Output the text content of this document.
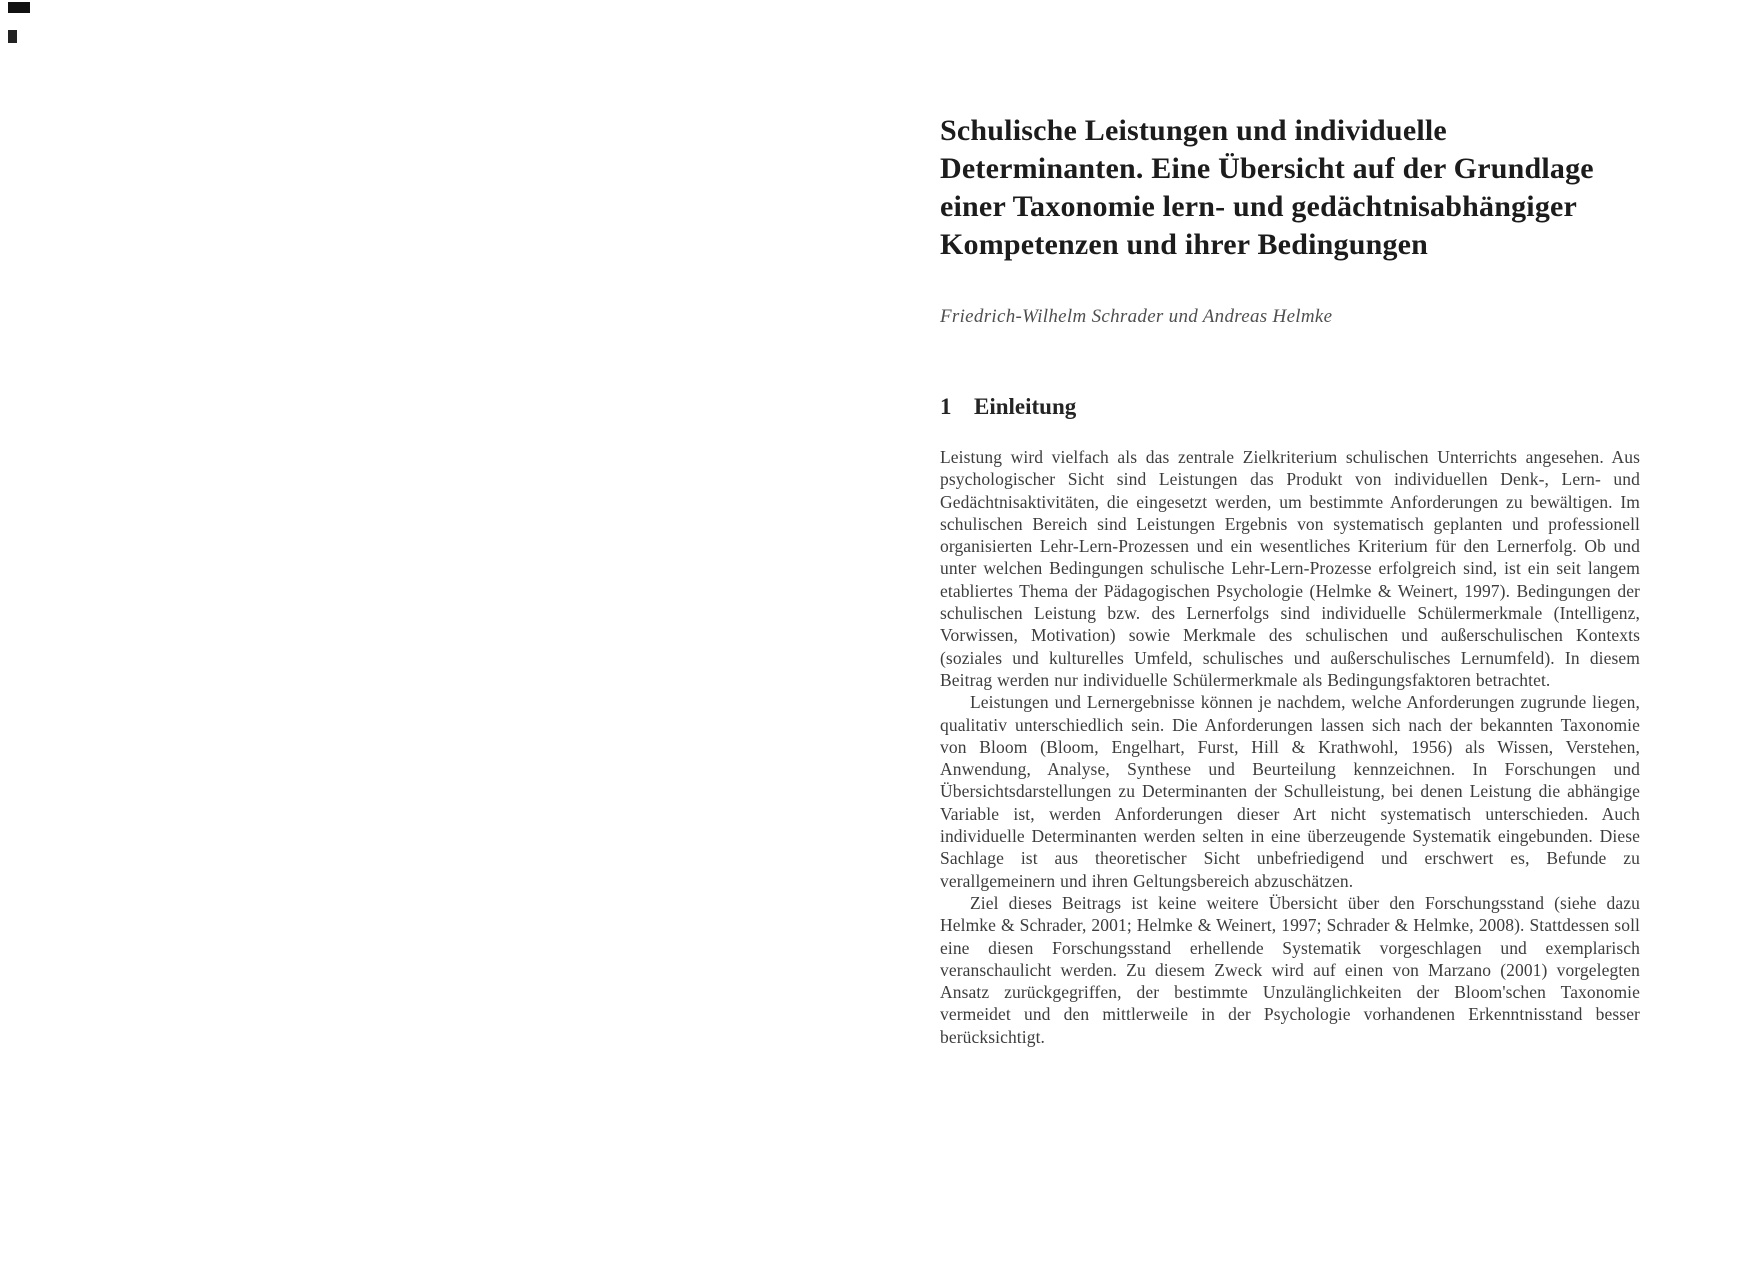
Schulische Leistungen und individuelle
Determinanten. Eine Übersicht auf der Grundlage
einer Taxonomie lern- und gedächtnisabhängiger
Kompetenzen und ihrer Bedingungen
Friedrich-Wilhelm Schrader und Andreas Helmke
1 Einleitung

Leistung wird vielfach als das zentrale Zielkriterium schulischen Unterrichts angesehen. Aus psychologischer Sicht sind Leistungen das Produkt von individuellen Denk-, Lern- und Gedächtnisaktivitäten, die eingesetzt werden, um bestimmte Anforderungen zu bewältigen. Im schulischen Bereich sind Leistungen Ergebnis von systematisch geplanten und professionell organisierten Lehr-Lern-Prozessen und ein wesentliches Kriterium für den Lernerfolg. Ob und unter welchen Bedingungen schulische Lehr-Lern-Prozesse erfolgreich sind, ist ein seit langem etabliertes Thema der Pädagogischen Psychologie (Helmke & Weinert, 1997). Bedingungen der schulischen Leistung bzw. des Lernerfolgs sind individuelle Schülermerkmale (Intelligenz, Vorwissen, Motivation) sowie Merkmale des schulischen und außerschulischen Kontexts (soziales und kulturelles Umfeld, schulisches und außerschulisches Lernumfeld). In diesem Beitrag werden nur individuelle Schülermerkmale als Bedingungsfaktoren betrachtet.

Leistungen und Lernergebnisse können je nachdem, welche Anforderungen zugrunde liegen, qualitativ unterschiedlich sein. Die Anforderungen lassen sich nach der bekannten Taxonomie von Bloom (Bloom, Engelhart, Furst, Hill & Krathwohl, 1956) als Wissen, Verstehen, Anwendung, Analyse, Synthese und Beurteilung kennzeichnen. In Forschungen und Übersichtsdarstellungen zu Determinanten der Schulleistung, bei denen Leistung die abhängige Variable ist, werden Anforderungen dieser Art nicht systematisch unterschieden. Auch individuelle Determinanten werden selten in eine überzeugende Systematik eingebunden. Diese Sachlage ist aus theoretischer Sicht unbefriedigend und erschwert es, Befunde zu verallgemeinern und ihren Geltungsbereich abzuschätzen.

Ziel dieses Beitrags ist keine weitere Übersicht über den Forschungsstand (siehe dazu Helmke & Schrader, 2001; Helmke & Weinert, 1997; Schrader & Helmke, 2008). Stattdessen soll eine diesen Forschungsstand erhellende Systematik vorgeschlagen und exemplarisch veranschaulicht werden. Zu diesem Zweck wird auf einen von Marzano (2001) vorgelegten Ansatz zurückgegriffen, der bestimmte Unzulänglichkeiten der Bloom'schen Taxonomie vermeidet und den mittlerweile in der Psychologie vorhandenen Erkenntnisstand besser berücksichtigt.
